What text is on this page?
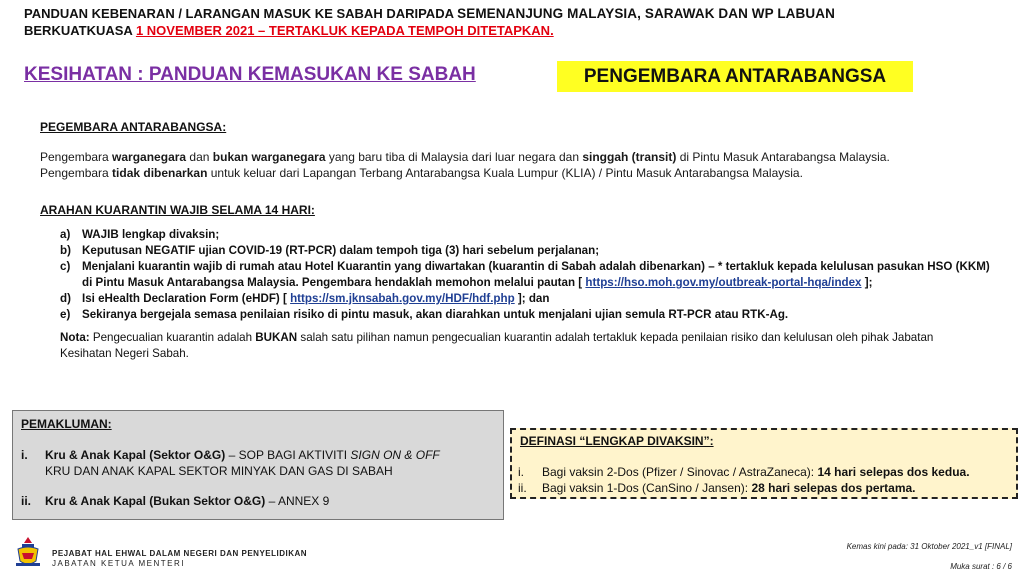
PANDUAN KEBENARAN / LARANGAN MASUK KE SABAH DARIPADA SEMENANJUNG MALAYSIA, SARAWAK DAN WP LABUAN
BERKUATKUASA 1 NOVEMBER 2021 – TERTAKLUK KEPADA TEMPOH DITETAPKAN.
KESIHATAN : PANDUAN KEMASUKAN KE SABAH	PENGEMBARA ANTARABANGSA
PEGEMBARA ANTARABANGSA:
Pengembara warganegara dan bukan warganegara yang baru tiba di Malaysia dari luar negara dan singgah (transit) di Pintu Masuk Antarabangsa Malaysia.
Pengembara tidak dibenarkan untuk keluar dari Lapangan Terbang Antarabangsa Kuala Lumpur (KLIA) / Pintu Masuk Antarabangsa Malaysia.
ARAHAN KUARANTIN WAJIB SELAMA 14 HARI:
a)	WAJIB lengkap divaksin;
b) Keputusan NEGATIF ujian COVID-19 (RT-PCR) dalam tempoh tiga (3) hari sebelum perjalanan;
c)	Menjalani kuarantin wajib di rumah atau Hotel Kuarantin yang diwartakan (kuarantin di Sabah adalah dibenarkan) – * tertakluk kepada kelulusan pasukan HSO (KKM) di Pintu Masuk Antarabangsa Malaysia. Pengembara hendaklah memohon melalui pautan [ https://hso.moh.gov.my/outbreak-portal-hqa/index ];
d) Isi eHealth Declaration Form (eHDF) [ https://sm.jknsabah.gov.my/HDF/hdf.php ]; dan
e)	Sekiranya bergejala semasa penilaian risiko di pintu masuk, akan diarahkan untuk menjalani ujian semula RT-PCR atau RTK-Ag.
Nota: Pengecualian kuarantin adalah BUKAN salah satu pilihan namun pengecualian kuarantin adalah tertakluk kepada penilaian risiko dan kelulusan oleh pihak Jabatan Kesihatan Negeri Sabah.
PEMAKLUMAN:
i. Kru & Anak Kapal (Sektor O&G) – SOP BAGI AKTIVITI SIGN ON & OFF
KRU DAN ANAK KAPAL SEKTOR MINYAK DAN GAS DI SABAH
ii. Kru & Anak Kapal (Bukan Sektor O&G) – ANNEX 9
DEFINASI “LENGKAP DIVAKSIN”:
i. Bagi vaksin 2-Dos (Pfizer / Sinovac / AstraZaneca): 14 hari selepas dos kedua.
ii. Bagi vaksin 1-Dos (CanSino / Jansen): 28 hari selepas dos pertama.
PEJABAT HAL EHWAL DALAM NEGERI DAN PENYELIDIKAN
JABATAN KETUA MENTERI
Kemas kini pada: 31 Oktober 2021_v1 [FINAL]
Muka surat : 6 / 6
